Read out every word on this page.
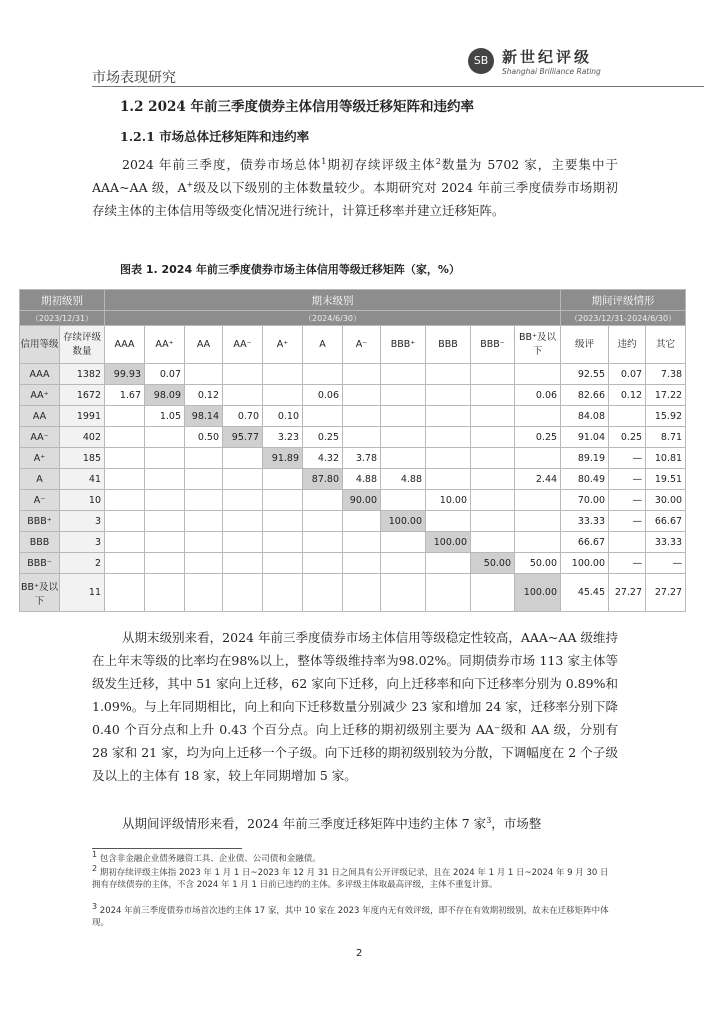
市场表现研究
SB 新世纪评级
Shanghai Brilliance Rating
1.2 2024 年前三季度债券主体信用等级迁移矩阵和违约率
1.2.1 市场总体迁移矩阵和违约率
2024 年前三季度，债券市场总体$^1$期初存续评级主体$^2$数量为 5702 家，主要集中于 AAA~AA 级，A+级及以下级别的主体数量较少。本期研究对 2024 年前三季度债券市场期初存续主体的主体信用等级变化情况进行统计，计算迁移率并建立迁移矩阵。
图表 1. 2024 年前三季度债券市场主体信用等级迁移矩阵（家，%）
期初级别		期末级别											期间评级情形		
（2023/12/31）		（2024/6/30）											（2023/12/31-2024/6/30）		
信用等级	存续评级数量	AAA	AA⁺	AA	AA⁻	A⁺	A	A⁻	BBB⁺	BBB	BBB⁻	BB⁺及以下	级评	违约	其它
AAA	1382	99.93	0.07										92.55	0.07	7.38
AA⁺	1672	1.67	98.09	0.12			0.06					0.06	82.66	0.12	17.22
AA	1991		1.05	98.14	0.70	0.10							84.08		15.92
AA⁻	402			0.50	95.77	3.23	0.25					0.25	91.04	0.25	8.71
A⁺	185					91.89	4.32	3.78					89.19	—	10.81
A	41						87.80	4.88	4.88			2.44	80.49	—	19.51
A⁻	10							90.00		10.00			70.00	—	30.00
BBB⁺	3								100.00				33.33	—	66.67
BBB	3									100.00			66.67		33.33
BBB⁻	2										50.00	50.00	100.00	—	—
BB⁺及以下	11											100.00	45.45	27.27	27.27
从期末级别来看，2024 年前三季度债券市场主体信用等级稳定性较高，AAA~AA 级维持在上年末等级的比率均在98%以上，整体等级维持率为98.02%。同期债券市场 113 家主体等级发生迁移，其中 51 家向上迁移，62 家向下迁移，向上迁移率和向下迁移率分别为 0.89%和 1.09%。与上年同期相比，向上和向下迁移数量分别减少 23 家和增加 24 家，迁移率分别下降 0.40 个百分点和上升 0.43 个百分点。向上迁移的期初级别主要为 AA⁻级和 AA 级，分别有 28 家和 21 家，均为向上迁移一个子级。向下迁移的期初级别较为分散，下调幅度在 2 个子级及以上的主体有 18 家，较上年同期增加 5 家。
从期间评级情形来看，2024 年前三季度迁移矩阵中违约主体 7 家$^3$，市场整
$^1$ 包含非金融企业债务融资工具、企业债、公司债和金融债。
$^2$ 期初存续评级主体指 2023 年 1 月 1 日~2023 年 12 月 31 日之间具有公开评级记录，且在 2024 年 1 月 1 日~2024 年 9 月 30 日拥有存续债券的主体，不含 2024 年 1 月 1 日前已违约的主体。多评级主体取最高评级，主体不重复计算。
$^3$ 2024 年前三季度债券市场首次违约主体 17 家，其中 10 家在 2023 年度内无有效评级，即不存在有效期初级别，故未在迁移矩阵中体现。
2
